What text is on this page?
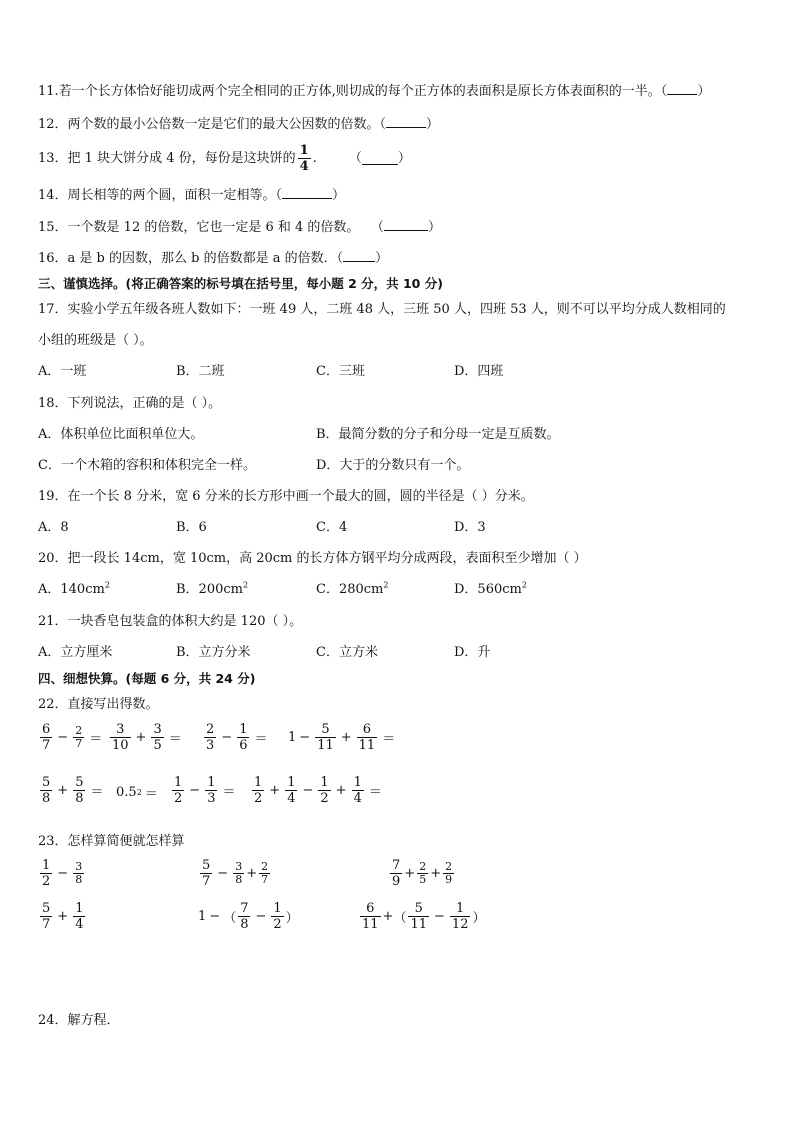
11.若一个长方体恰好能切成两个完全相同的正方体,则切成的每个正方体的表面积是原长方体表面积的一半。（ ）
12．两个数的最小公倍数一定是它们的最大公因数的倍数。（	）
13．把 1 块大饼分成 4 份，每份是这块饼的 $\frac{1}{4}$ . （	）
14．周长相等的两个圆，面积一定相等。（	）
15．一个数是 12 的倍数，它也一定是 6 和 4 的倍数。 （	）
16．a 是 b 的因数，那么 b 的倍数都是 a 的倍数．（ ）
三、谨慎选择。(将正确答案的标号填在括号里，每小题 2 分，共 10 分)
17．实验小学五年级各班人数如下：一班 49 人，二班 48 人，三班 50 人，四班 53 人，则不可以平均分成人数相同的
小组的班级是（ ）。
A．一班	B．二班	C．三班	D．四班
18．下列说法，正确的是（ ）。
A．体积单位比面积单位大。	B．最简分数的分子和分母一定是互质数。
C．一个木箱的容积和体积完全一样。	D．大于的分数只有一个。
19．在一个长 8 分米，宽 6 分米的长方形中画一个最大的圆，圆的半径是（ ）分米。
A．8	B．6	C．4	D．3
20．把一段长 14cm，宽 10cm，高 20cm 的长方体方钢平均分成两段，表面积至少增加（ ）
A．$140cm^2$	B．$200cm^2$	C．$280cm^2$	D．$560cm^2$
21．一块香皂包装盒的体积大约是 120（ ）。
A．立方厘米	B．立方分米	C．立方米	D．升
四、细想快算。(每题 6 分，共 24 分)
22．直接写出得数。
$\frac{6}{7} - \frac{2}{7} = \frac{3}{10} + \frac{3}{5} = \frac{2}{3} - \frac{1}{6} = 1 - \frac{5}{11} + \frac{6}{11}$ ＝
$\frac{5}{8} + \frac{5}{8} = 0.5$ $2 = \frac{1}{2} - \frac{1}{3} = \frac{1}{2} + \frac{1}{4} - \frac{1}{2} + \frac{1}{4}$ ＝
23．怎样算简便就怎样算
$\frac{1}{2} - \frac{3}{8}$	$\frac{5}{7} - \frac{3}{8} + \frac{2}{7}$	$\frac{7}{9} + \frac{2}{5} + \frac{2}{9}$
$\frac{5}{7} + \frac{1}{4}$	1 − （ $\frac{7}{8} - \frac{1}{2}$ ）	$\frac{6}{11}$ + （ $\frac{5}{11} - \frac{1}{12}$ ）
24．解方程．
